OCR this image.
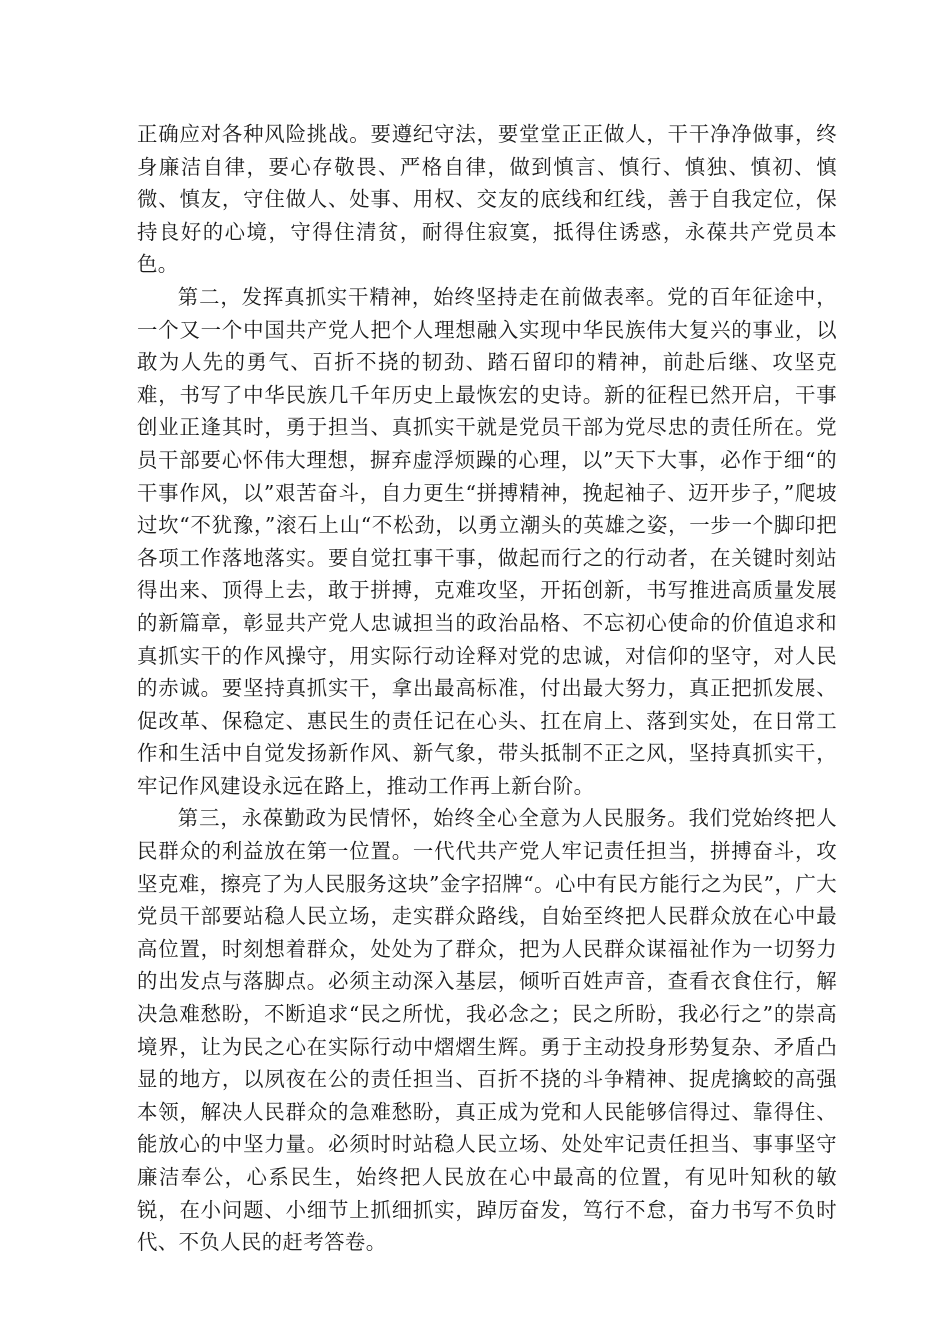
正确应对各种风险挑战。要遵纪守法，要堂堂正正做人，干干净净做事，终身廉洁自律，要心存敬畏、严格自律，做到慎言、慎行、慎独、慎初、慎微、慎友，守住做人、处事、用权、交友的底线和红线，善于自我定位，保持良好的心境，守得住清贫，耐得住寂寞，抵得住诱惑，永葆共产党员本色。

第二，发挥真抓实干精神，始终坚持走在前做表率。党的百年征途中，一个又一个中国共产党人把个人理想融入实现中华民族伟大复兴的事业，以敢为人先的勇气、百折不挠的韧劲、踏石留印的精神，前赴后继、攻坚克难，书写了中华民族几千年历史上最恢宏的史诗。新的征程已然开启，干事创业正逢其时，勇于担当、真抓实干就是党员干部为党尽忠的责任所在。党员干部要心怀伟大理想，摒弃虚浮烦躁的心理，以”天下大事，必作于细“的干事作风，以”艰苦奋斗，自力更生“拼搏精神，挽起袖子、迈开步子，”爬坡过坎“不犹豫，”滚石上山“不松劲，以勇立潮头的英雄之姿，一步一个脚印把各项工作落地落实。要自觉扛事干事，做起而行之的行动者，在关键时刻站得出来、顶得上去，敢于拼搏，克难攻坚，开拓创新，书写推进高质量发展的新篇章，彰显共产党人忠诚担当的政治品格、不忘初心使命的价值追求和真抓实干的作风操守，用实际行动诠释对党的忠诚，对信仰的坚守，对人民的赤诚。要坚持真抓实干，拿出最高标准，付出最大努力，真正把抓发展、促改革、保稳定、惠民生的责任记在心头、扛在肩上、落到实处，在日常工作和生活中自觉发扬新作风、新气象，带头抵制不正之风，坚持真抓实干，牢记作风建设永远在路上，推动工作再上新台阶。

第三，永葆勤政为民情怀，始终全心全意为人民服务。我们党始终把人民群众的利益放在第一位置。一代代共产党人牢记责任担当，拼搏奋斗，攻坚克难，擦亮了为人民服务这块”金字招牌“。心中有民方能行之为民”，广大党员干部要站稳人民立场，走实群众路线，自始至终把人民群众放在心中最高位置，时刻想着群众，处处为了群众，把为人民群众谋福祉作为一切努力的出发点与落脚点。必须主动深入基层，倾听百姓声音，查看衣食住行，解决急难愁盼，不断追求“民之所忧，我必念之；民之所盼，我必行之”的崇高境界，让为民之心在实际行动中熠熠生辉。勇于主动投身形势复杂、矛盾凸显的地方，以夙夜在公的责任担当、百折不挠的斗争精神、捉虎擒蛟的高强本领，解决人民群众的急难愁盼，真正成为党和人民能够信得过、靠得住、能放心的中坚力量。必须时时站稳人民立场、处处牢记责任担当、事事坚守廉洁奉公，心系民生，始终把人民放在心中最高的位置，有见叶知秋的敏锐，在小问题、小细节上抓细抓实，踔厉奋发，笃行不怠，奋力书写不负时代、不负人民的赶考答卷。
